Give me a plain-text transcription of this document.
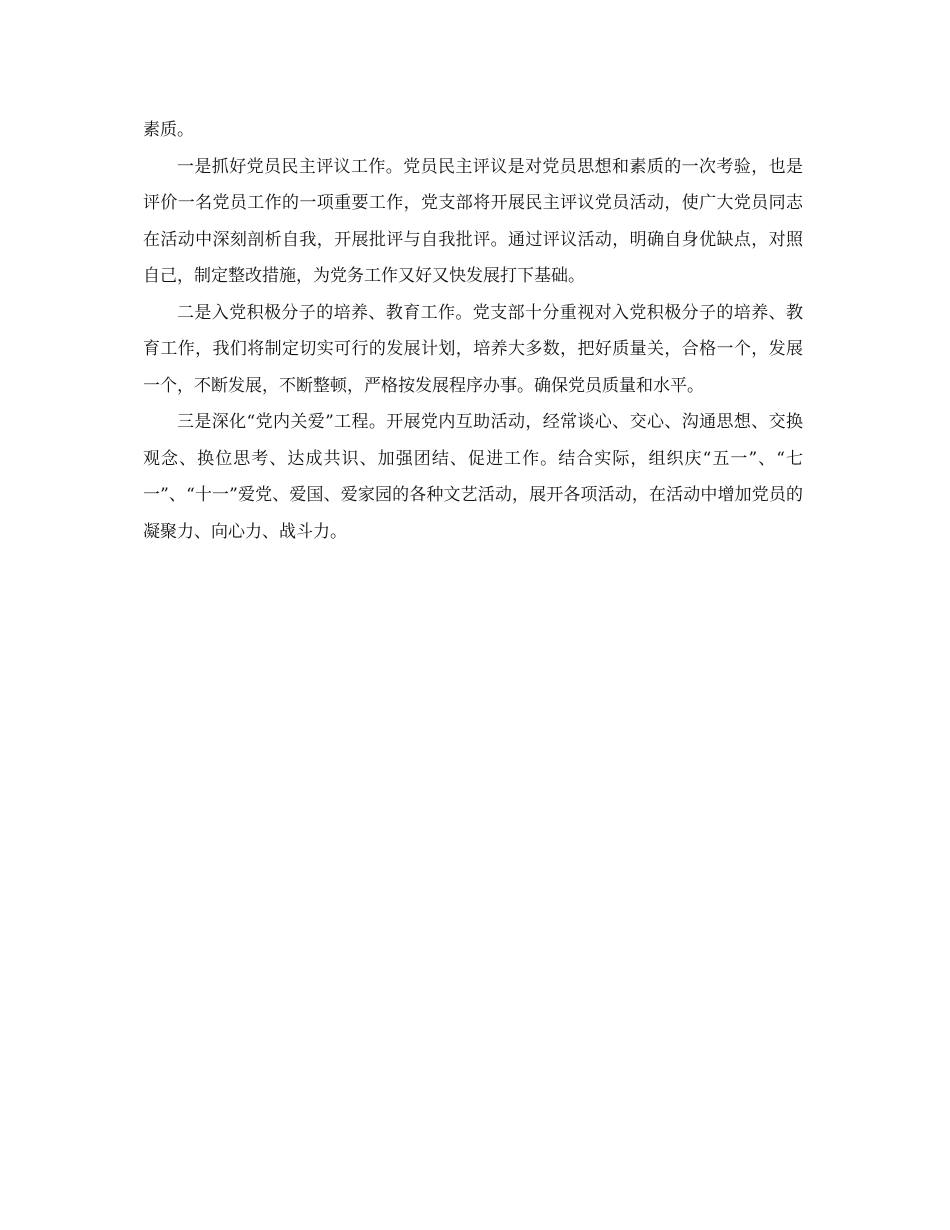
素质。

一是抓好党员民主评议工作。党员民主评议是对党员思想和素质的一次考验，也是评价一名党员工作的一项重要工作，党支部将开展民主评议党员活动，使广大党员同志在活动中深刻剖析自我，开展批评与自我批评。通过评议活动，明确自身优缺点，对照自己，制定整改措施，为党务工作又好又快发展打下基础。

二是入党积极分子的培养、教育工作。党支部十分重视对入党积极分子的培养、教育工作，我们将制定切实可行的发展计划，培养大多数，把好质量关，合格一个，发展一个，不断发展，不断整顿，严格按发展程序办事。确保党员质量和水平。

三是深化“党内关爱”工程。开展党内互助活动，经常谈心、交心、沟通思想、交换观念、换位思考、达成共识、加强团结、促进工作。结合实际，组织庆“五一”、“七一”、“十一”爱党、爱国、爱家园的各种文艺活动，展开各项活动，在活动中增加党员的凝聚力、向心力、战斗力。
